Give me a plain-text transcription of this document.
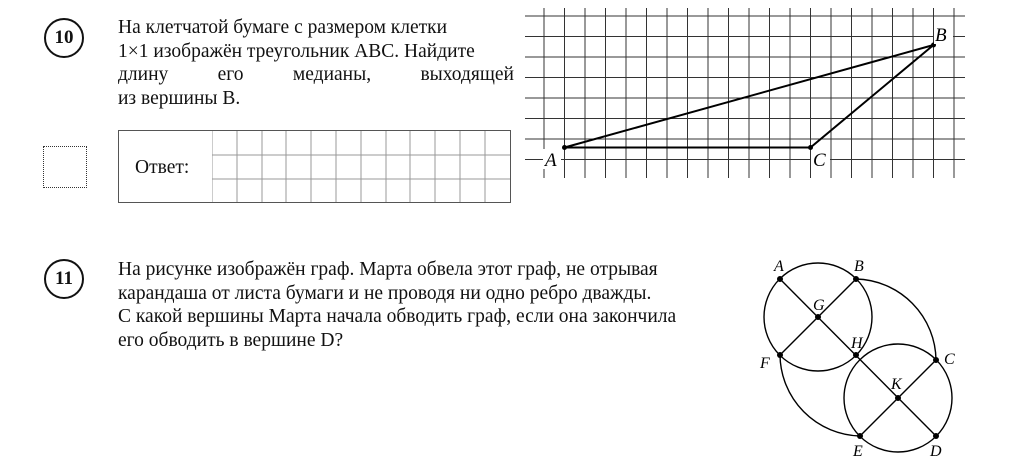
10 На клетчатой бумаге с размером клетки
1×1 изображён треугольник ABC. Найдите
длину	его	медианы,	выходящей
из вершины B.
Ответ:	A
B
C
11 На рисунке изображён граф. Марта обвела этот граф, не отрывая
карандаша от листа бумаги и не проводя ни одно ребро дважды.
С какой вершины Марта начала обводить граф, если она закончила
его обводить в вершине D?
A	B
G
F
H
C
K
E	D
